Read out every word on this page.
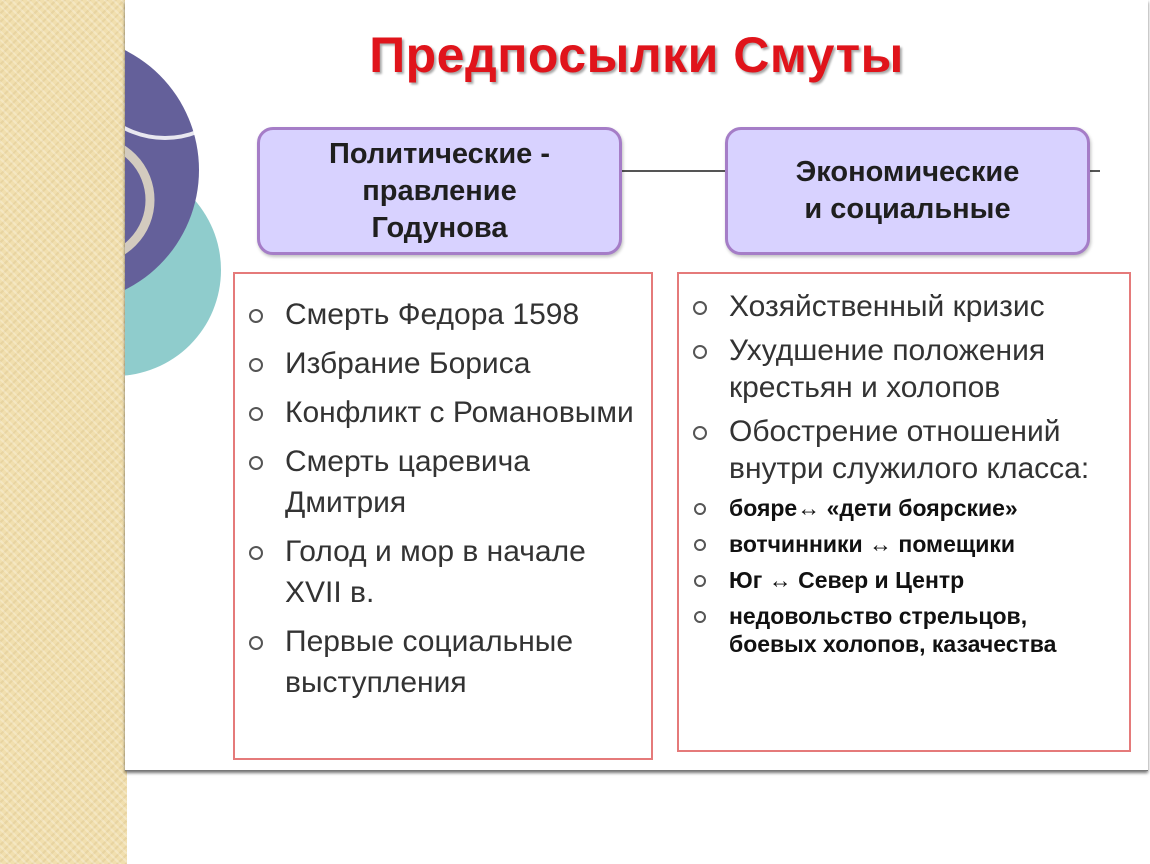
Предпосылки Смуты
Политические -
правление
Годунова
Экономические
и социальные
Смерть Федора 1598
Избрание Бориса
Конфликт с Романовыми
Смерть царевича Дмитрия
Голод и мор в начале XVII в.
Первые социальные выступления
Хозяйственный кризис
Ухудшение положения крестьян и холопов
Обострение отношений внутри служилого класса:
бояре↔ «дети боярские»
вотчинники ↔ помещики
Юг ↔ Север и Центр
недовольство стрельцов, боевых холопов, казачества
